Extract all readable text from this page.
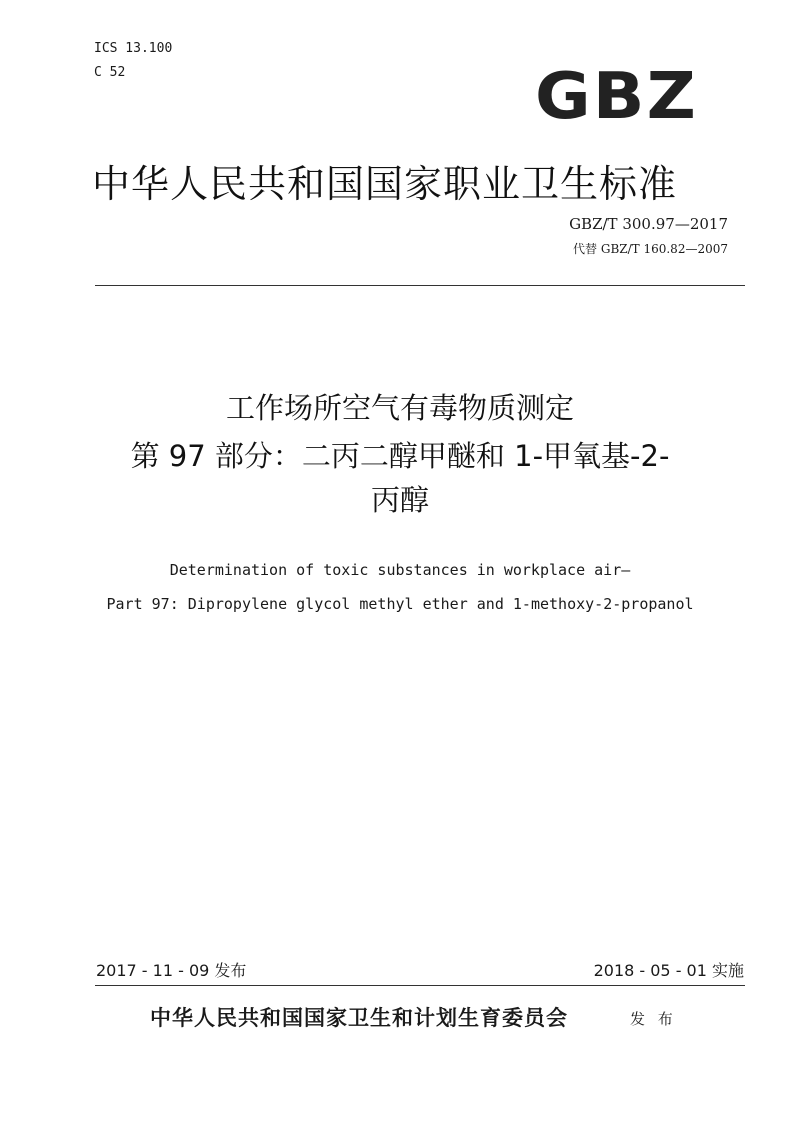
ICS 13.100
C 52	GBZ
中华人民共和国国家职业卫生标准
GBZ/T 300.97—2017
代替 GBZ/T 160.82—2007
工作场所空气有毒物质测定
第 97 部分：二丙二醇甲醚和 1-甲氧基-2-
丙醇
Determination of toxic substances in workplace air—
Part 97: Dipropylene glycol methyl ether and 1-methoxy-2-propanol
2017 - 11 - 09 发布	2018 - 05 - 01 实施
中华人民共和国国家卫生和计划生育委员会	发 布
